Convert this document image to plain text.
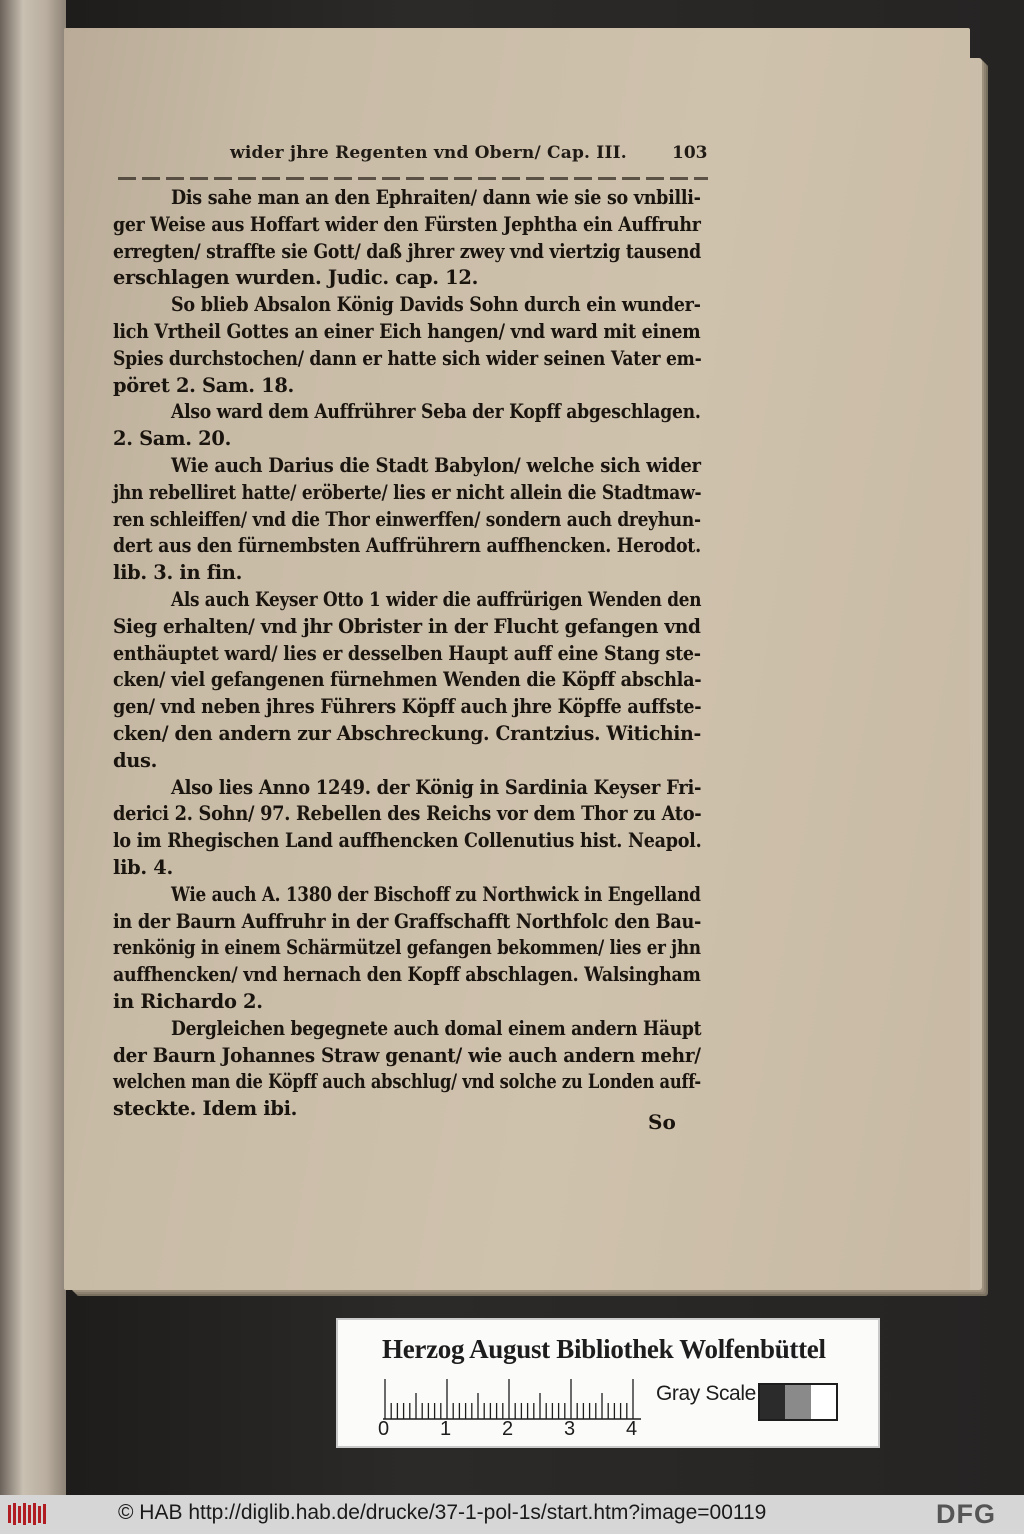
wider jhre Regenten vnd Obern/ Cap. III.	103
Dis sahe man an den Ephraiten/ dann wie sie so vnbilli-
ger Weise aus Hoffart wider den Fürsten Jephtha ein Auffruhr
erregten/ straffte sie Gott/ daß jhrer zwey vnd viertzig tausend
erschlagen wurden. Judic. cap. 12.
So blieb Absalon König Davids Sohn durch ein wunder-
lich Vrtheil Gottes an einer Eich hangen/ vnd ward mit einem
Spies durchstochen/ dann er hatte sich wider seinen Vater em-
pöret 2. Sam. 18.
Also ward dem Auffrührer Seba der Kopff abgeschlagen.
2. Sam. 20.
Wie auch Darius die Stadt Babylon/ welche sich wider
jhn rebelliret hatte/ eröberte/ lies er nicht allein die Stadtmaw-
ren schleiffen/ vnd die Thor einwerffen/ sondern auch dreyhun-
dert aus den fürnembsten Auffrührern auffhencken. Herodot.
lib. 3. in fin.
Als auch Keyser Otto 1 wider die auffrürigen Wenden den
Sieg erhalten/ vnd jhr Obrister in der Flucht gefangen vnd
enthäuptet ward/ lies er desselben Haupt auff eine Stang ste-
cken/ viel gefangenen fürnehmen Wenden die Köpff abschla-
gen/ vnd neben jhres Führers Köpff auch jhre Köpffe auffste-
cken/ den andern zur Abschreckung. Crantzius. Witichin-
dus.
Also lies Anno 1249. der König in Sardinia Keyser Fri-
derici 2. Sohn/ 97. Rebellen des Reichs vor dem Thor zu Ato-
lo im Rhegischen Land auffhencken Collenutius hist. Neapol.
lib. 4.
Wie auch A. 1380 der Bischoff zu Northwick in Engelland
in der Baurn Auffruhr in der Graffschafft Northfolc den Bau-
renkönig in einem Schärmützel gefangen bekommen/ lies er jhn
auffhencken/ vnd hernach den Kopff abschlagen. Walsingham
in Richardo 2.
Dergleichen begegnete auch domal einem andern Häupt
der Baurn Johannes Straw genant/ wie auch andern mehr/
welchen man die Köpff auch abschlug/ vnd solche zu Londen auff-
steckte. Idem ibi.
So
Herzog August Bibliothek Wolfenbüttel
0	1	2	3	4
Gray Scale
© HAB http://diglib.hab.de/drucke/37-1-pol-1s/start.htm?image=00119	DFG
